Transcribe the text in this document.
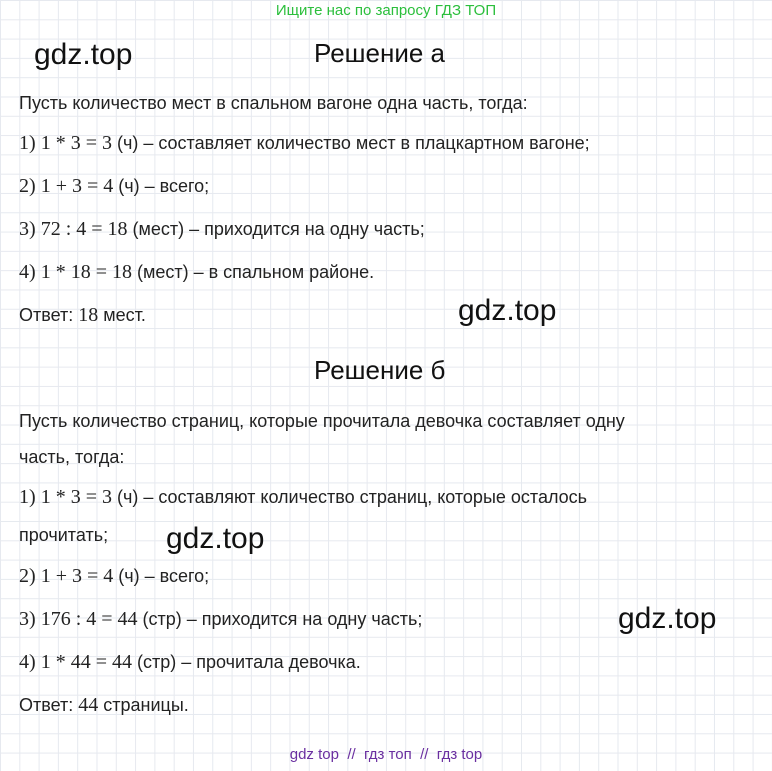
Ищите нас по запросу ГДЗ ТОП
gdz.top	Решение а
Пусть количество мест в спальном вагоне одна часть, тогда:
1) 1 * 3 = 3 (ч) – составляет количество мест в плацкартном вагоне;
2) 1 + 3 = 4 (ч) – всего;
3) 72 : 4 = 18 (мест) – приходится на одну часть;
4) 1 * 18 = 18 (мест) – в спальном районе.
Ответ: 18 мест.	gdz.top
Решение б
Пусть количество страниц, которые прочитала девочка составляет одну
часть, тогда:
1) 1 * 3 = 3 (ч) – составляют количество страниц, которые осталось
прочитать; gdz.top
2) 1 + 3 = 4 (ч) – всего;
3) 176 : 4 = 44 (стр) – приходится на одну часть;	gdz.top
4) 1 * 44 = 44 (стр) – прочитала девочка.
Ответ: 44 страницы.
gdz top // гдз топ // гдз top
